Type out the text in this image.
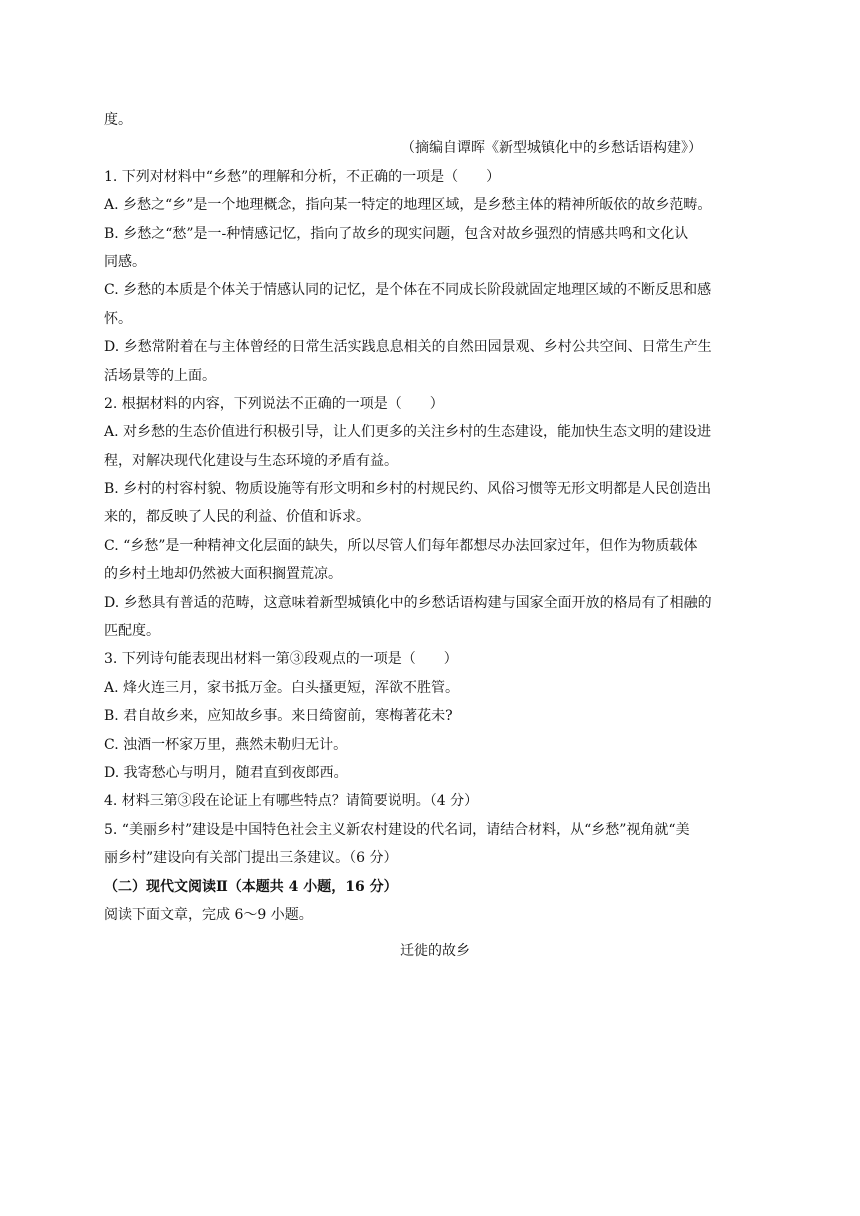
度。
（摘编自谭晖《新型城镇化中的乡愁话语构建》）
1. 下列对材料中“乡愁”的理解和分析，不正确的一项是（　　）
A. 乡愁之“乡”是一个地理概念，指向某一特定的地理区域，是乡愁主体的精神所皈依的故乡范畴。
B. 乡愁之“愁”是一-种情感记忆，指向了故乡的现实问题，包含对故乡强烈的情感共鸣和文化认
同感。
C. 乡愁的本质是个体关于情感认同的记忆，是个体在不同成长阶段就固定地理区域的不断反思和感
怀。
D. 乡愁常附着在与主体曾经的日常生活实践息息相关的自然田园景观、乡村公共空间、日常生产生
活场景等的上面。
2. 根据材料的内容，下列说法不正确的一项是（　　）
A. 对乡愁的生态价值进行积极引导，让人们更多的关注乡村的生态建设，能加快生态文明的建设进
程，对解决现代化建设与生态环境的矛盾有益。
B. 乡村的村容村貌、物质设施等有形文明和乡村的村规民约、风俗习惯等无形文明都是人民创造出
来的，都反映了人民的利益、价值和诉求。
C. “乡愁”是一种精神文化层面的缺失，所以尽管人们每年都想尽办法回家过年，但作为物质载体
的乡村土地却仍然被大面积搁置荒凉。
D. 乡愁具有普适的范畴，这意味着新型城镇化中的乡愁话语构建与国家全面开放的格局有了相融的
匹配度。
3. 下列诗句能表现出材料一第③段观点的一项是（　　）
A. 烽火连三月，家书抵万金。白头搔更短，浑欲不胜管。
B. 君自故乡来，应知故乡事。来日绮窗前，寒梅著花未?
C. 浊酒一杯家万里，燕然未勒归无计。
D. 我寄愁心与明月，随君直到夜郎西。
4. 材料三第③段在论证上有哪些特点？请简要说明。（4 分）
5. “美丽乡村”建设是中国特色社会主义新农村建设的代名词，请结合材料，从“乡愁”视角就“美
丽乡村”建设向有关部门提出三条建议。（6 分）
（二）现代文阅读Ⅱ（本题共 4 小题，16 分）
阅读下面文章，完成 6～9 小题。
迁徙的故乡
